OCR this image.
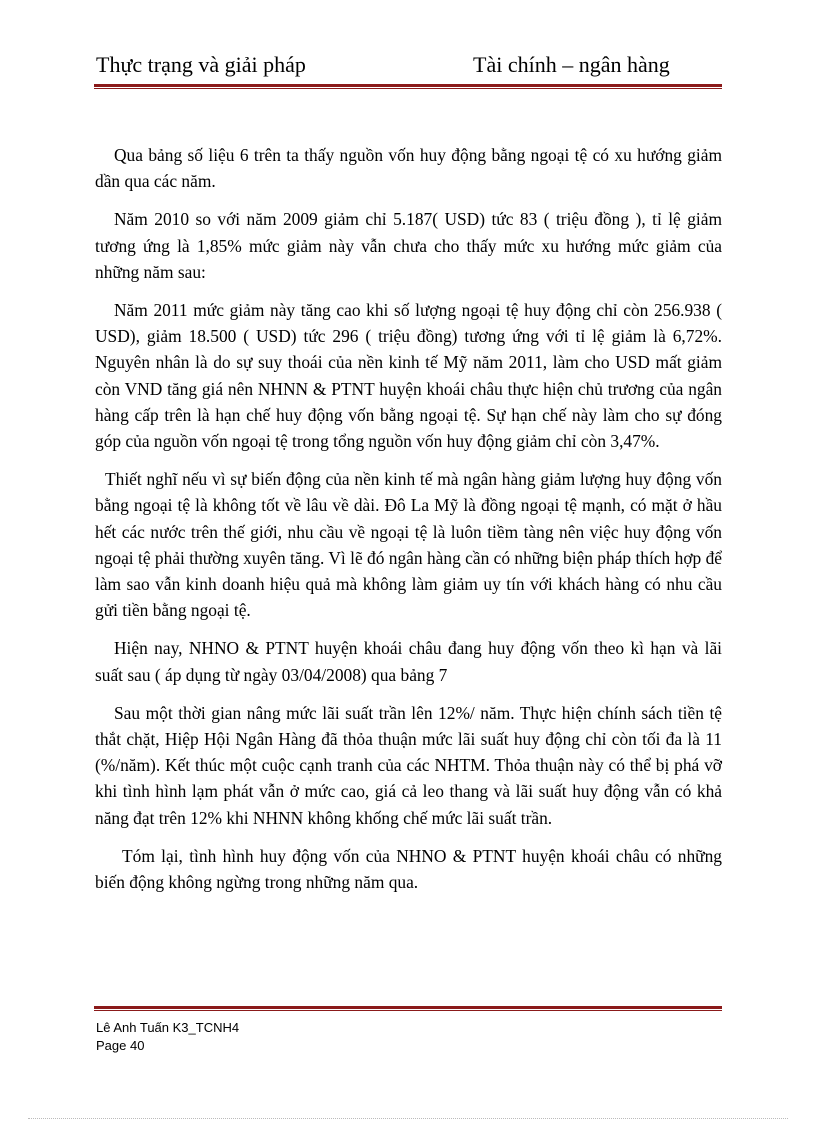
Thực trạng và giải pháp	Tài chính – ngân hàng

Qua bảng số liệu 6 trên ta thấy nguồn vốn huy động bằng ngoại tệ có xu hướng giảm dần qua các năm.

Năm 2010 so với năm 2009 giảm chỉ 5.187( USD) tức 83 ( triệu đồng ), tỉ lệ giảm tương ứng là 1,85% mức giảm này vẫn chưa cho thấy mức xu hướng mức giảm của những năm sau:

Năm 2011 mức giảm này tăng cao khi số lượng ngoại tệ huy động chỉ còn 256.938 ( USD), giảm 18.500 ( USD) tức 296 ( triệu đồng) tương ứng với tỉ lệ giảm là 6,72%. Nguyên nhân là do sự suy thoái của nền kinh tế Mỹ năm 2011, làm cho USD mất giảm còn VND tăng giá nên NHNN & PTNT huyện khoái châu thực hiện chủ trương của ngân hàng cấp trên là hạn chế huy động vốn bằng ngoại tệ. Sự hạn chế này làm cho sự đóng góp của nguồn vốn ngoại tệ trong tổng nguồn vốn huy động giảm chỉ còn 3,47%.

Thiết nghĩ nếu vì sự biến động của nền kinh tế mà ngân hàng giảm lượng huy động vốn bằng ngoại tệ là không tốt về lâu về dài. Đô La Mỹ là đồng ngoại tệ mạnh, có mặt ở hầu hết các nước trên thế giới, nhu cầu về ngoại tệ là luôn tiềm tàng nên việc huy động vốn ngoại tệ phải thường xuyên tăng. Vì lẽ đó ngân hàng cần có những biện pháp thích hợp để làm sao vẫn kinh doanh hiệu quả mà không làm giảm uy tín với khách hàng có nhu cầu gửi tiền bằng ngoại tệ.

Hiện nay, NHNO & PTNT huyện khoái châu đang huy động vốn theo kì hạn và lãi suất sau ( áp dụng từ ngày 03/04/2008) qua bảng 7

Sau một thời gian nâng mức lãi suất trần lên 12%/ năm. Thực hiện chính sách tiền tệ thắt chặt, Hiệp Hội Ngân Hàng đã thỏa thuận mức lãi suất huy động chỉ còn tối đa là 11 (%/năm). Kết thúc một cuộc cạnh tranh của các NHTM. Thỏa thuận này có thể bị phá vỡ khi tình hình lạm phát vẫn ở mức cao, giá cả leo thang và lãi suất huy động vẫn có khả năng đạt trên 12% khi NHNN không khống chế mức lãi suất trần.

Tóm lại, tình hình huy động vốn của NHNO & PTNT huyện khoái châu có những biến động không ngừng trong những năm qua.

Lê Anh Tuấn K3_TCNH4
Page 40
